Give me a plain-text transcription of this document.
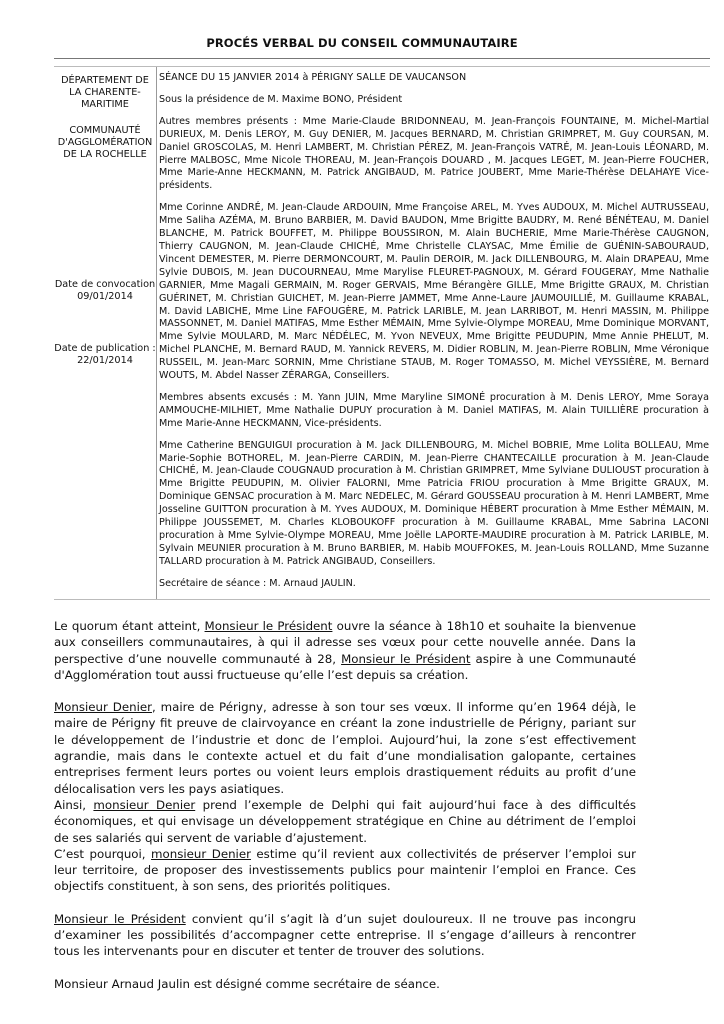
PROCÉS VERBAL DU CONSEIL COMMUNAUTAIRE
DÉPARTEMENT DE LA CHARENTE-MARITIME
COMMUNAUTÉ D'AGGLOMÉRATION DE LA ROCHELLE
Date de convocation
09/01/2014
Date de publication :
22/01/2014

SÉANCE DU 15 JANVIER 2014 à PÉRIGNY SALLE DE VAUCANSON

Sous la présidence de M. Maxime BONO, Président

Autres membres présents : Mme Marie-Claude BRIDONNEAU, M. Jean-François FOUNTAINE, M. Michel-Martial DURIEUX, M. Denis LEROY, M. Guy DENIER, M. Jacques BERNARD, M. Christian GRIMPRET, M. Guy COURSAN, M. Daniel GROSCOLAS, M. Henri LAMBERT, M. Christian PÉREZ, M. Jean-François VATRÉ, M. Jean-Louis LÉONARD, M. Pierre MALBOSC, Mme Nicole THOREAU, M. Jean-François DOUARD , M. Jacques LEGET, M. Jean-Pierre FOUCHER, Mme Marie-Anne HECKMANN, M. Patrick ANGIBAUD, M. Patrice JOUBERT, Mme Marie-Thérèse DELAHAYE Vice-présidents.

Mme Corinne ANDRÉ, M. Jean-Claude ARDOUIN, Mme Françoise AREL, M. Yves AUDOUX, M. Michel AUTRUSSEAU, Mme Saliha AZÉMA, M. Bruno BARBIER, M. David BAUDON, Mme Brigitte BAUDRY, M. René BÉNÉTEAU, M. Daniel BLANCHE, M. Patrick BOUFFET, M. Philippe BOUSSIRON, M. Alain BUCHERIE, Mme Marie-Thérèse CAUGNON, Thierry CAUGNON, M. Jean-Claude CHICHÉ, Mme Christelle CLAYSAC, Mme Émilie de GUÉNIN-SABOURAUD, Vincent DEMESTER, M. Pierre DERMONCOURT, M. Paulin DEROIR, M. Jack DILLENBOURG, M. Alain DRAPEAU, Mme Sylvie DUBOIS, M. Jean DUCOURNEAU, Mme Marylise FLEURET-PAGNOUX, M. Gérard FOUGERAY, Mme Nathalie GARNIER, Mme Magali GERMAIN, M. Roger GERVAIS, Mme Bérangère GILLE, Mme Brigitte GRAUX, M. Christian GUÉRINET, M. Christian GUICHET, M. Jean-Pierre JAMMET, Mme Anne-Laure JAUMOUILLIÉ, M. Guillaume KRABAL, M. David LABICHE, Mme Line FAFOUGÈRE, M. Patrick LARIBLE, M. Jean LARRIBOT, M. Henri MASSIN, M. Philippe MASSONNET, M. Daniel MATIFAS, Mme Esther MÉMAIN, Mme Sylvie-Olympe MOREAU, Mme Dominique MORVANT, Mme Sylvie MOULARD, M. Marc NÉDÉLEC, M. Yvon NEVEUX, Mme Brigitte PEUDUPIN, Mme Annie PHELUT, M. Michel PLANCHE, M. Bernard RAUD, M. Yannick REVERS, M. Didier ROBLIN, M. Jean-Pierre ROBLIN, Mme Véronique RUSSEIL, M. Jean-Marc SORNIN, Mme Christiane STAUB, M. Roger TOMASSO, M. Michel VEYSSIÈRE, M. Bernard WOUTS, M. Abdel Nasser ZÉRARGA, Conseillers.

Membres absents excusés : M. Yann JUIN, Mme Maryline SIMONÉ procuration à M. Denis LEROY, Mme Soraya AMMOUCHE-MILHIET, Mme Nathalie DUPUY procuration à M. Daniel MATIFAS, M. Alain TUILLIÈRE procuration à Mme Marie-Anne HECKMANN, Vice-présidents.

Mme Catherine BENGUIGUI procuration à M. Jack DILLENBOURG, M. Michel BOBRIE, Mme Lolita BOLLEAU, Mme Marie-Sophie BOTHOREL, M. Jean-Pierre CARDIN, M. Jean-Pierre CHANTECAILLE procuration à M. Jean-Claude CHICHÉ, M. Jean-Claude COUGNAUD procuration à M. Christian GRIMPRET, Mme Sylviane DULIOUST procuration à Mme Brigitte PEUDUPIN, M. Olivier FALORNI, Mme Patricia FRIOU procuration à Mme Brigitte GRAUX, M. Dominique GENSAC procuration à M. Marc NEDELEC, M. Gérard GOUSSEAU procuration à M. Henri LAMBERT, Mme Josseline GUITTON procuration à M. Yves AUDOUX, M. Dominique HÉBERT procuration à Mme Esther MÉMAIN, M. Philippe JOUSSEMET, M. Charles KLOBOUKOFF procuration à M. Guillaume KRABAL, Mme Sabrina LACONI procuration à Mme Sylvie-Olympe MOREAU, Mme Joëlle LAPORTE-MAUDIRE procuration à M. Patrick LARIBLE, M. Sylvain MEUNIER procuration à M. Bruno BARBIER, M. Habib MOUFFOKES, M. Jean-Louis ROLLAND, Mme Suzanne TALLARD procuration à M. Patrick ANGIBAUD, Conseillers.

Secrétaire de séance : M. Arnaud JAULIN.

Le quorum étant atteint, Monsieur le Président ouvre la séance à 18h10 et souhaite la bienvenue aux conseillers communautaires, à qui il adresse ses vœux pour cette nouvelle année. Dans la perspective d’une nouvelle communauté à 28, Monsieur le Président aspire à une Communauté d'Agglomération tout aussi fructueuse qu’elle l’est depuis sa création.

Monsieur Denier, maire de Périgny, adresse à son tour ses vœux. Il informe qu’en 1964 déjà, le maire de Périgny fit preuve de clairvoyance en créant la zone industrielle de Périgny, pariant sur le développement de l’industrie et donc de l’emploi. Aujourd’hui, la zone s’est effectivement agrandie, mais dans le contexte actuel et du fait d’une mondialisation galopante, certaines entreprises ferment leurs portes ou voient leurs emplois drastiquement réduits au profit d’une délocalisation vers les pays asiatiques.

Ainsi, monsieur Denier prend l’exemple de Delphi qui fait aujourd’hui face à des difficultés économiques, et qui envisage un développement stratégique en Chine au détriment de l’emploi de ses salariés qui servent de variable d’ajustement.

C’est pourquoi, monsieur Denier estime qu’il revient aux collectivités de préserver l’emploi sur leur territoire, de proposer des investissements publics pour maintenir l’emploi en France. Ces objectifs constituent, à son sens, des priorités politiques.

Monsieur le Président convient qu’il s’agit là d’un sujet douloureux. Il ne trouve pas incongru d’examiner les possibilités d’accompagner cette entreprise. Il s’engage d’ailleurs à rencontrer tous les intervenants pour en discuter et tenter de trouver des solutions.

Monsieur Arnaud Jaulin est désigné comme secrétaire de séance.
